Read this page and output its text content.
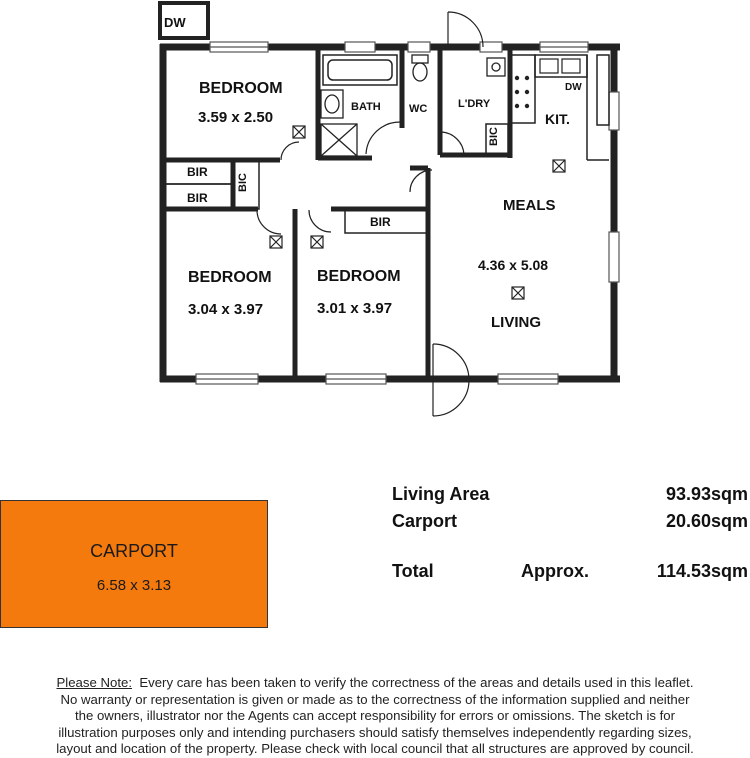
DW
BEDROOM
3.59 x 2.50
BATH	WC	L'DRY
KIT.
DW
BIC
BIC
BIR
BIR
BIR
MEALS
4.36 x 5.08
LIVING
BEDROOM
3.04 x 3.97
BEDROOM
3.01 x 3.97
CARPORT
6.58 x 3.13
Living Area	93.93sqm
Carport	20.60sqm
Total	Approx.	114.53sqm
Please Note: Every care has been taken to verify the correctness of the areas and details used in this leaflet.
No warranty or representation is given or made as to the correctness of the information supplied and neither
the owners, illustrator nor the Agents can accept responsibility for errors or omissions. The sketch is for
illustration purposes only and intending purchasers should satisfy themselves independently regarding sizes,
layout and location of the property. Please check with local council that all structures are approved by council.
